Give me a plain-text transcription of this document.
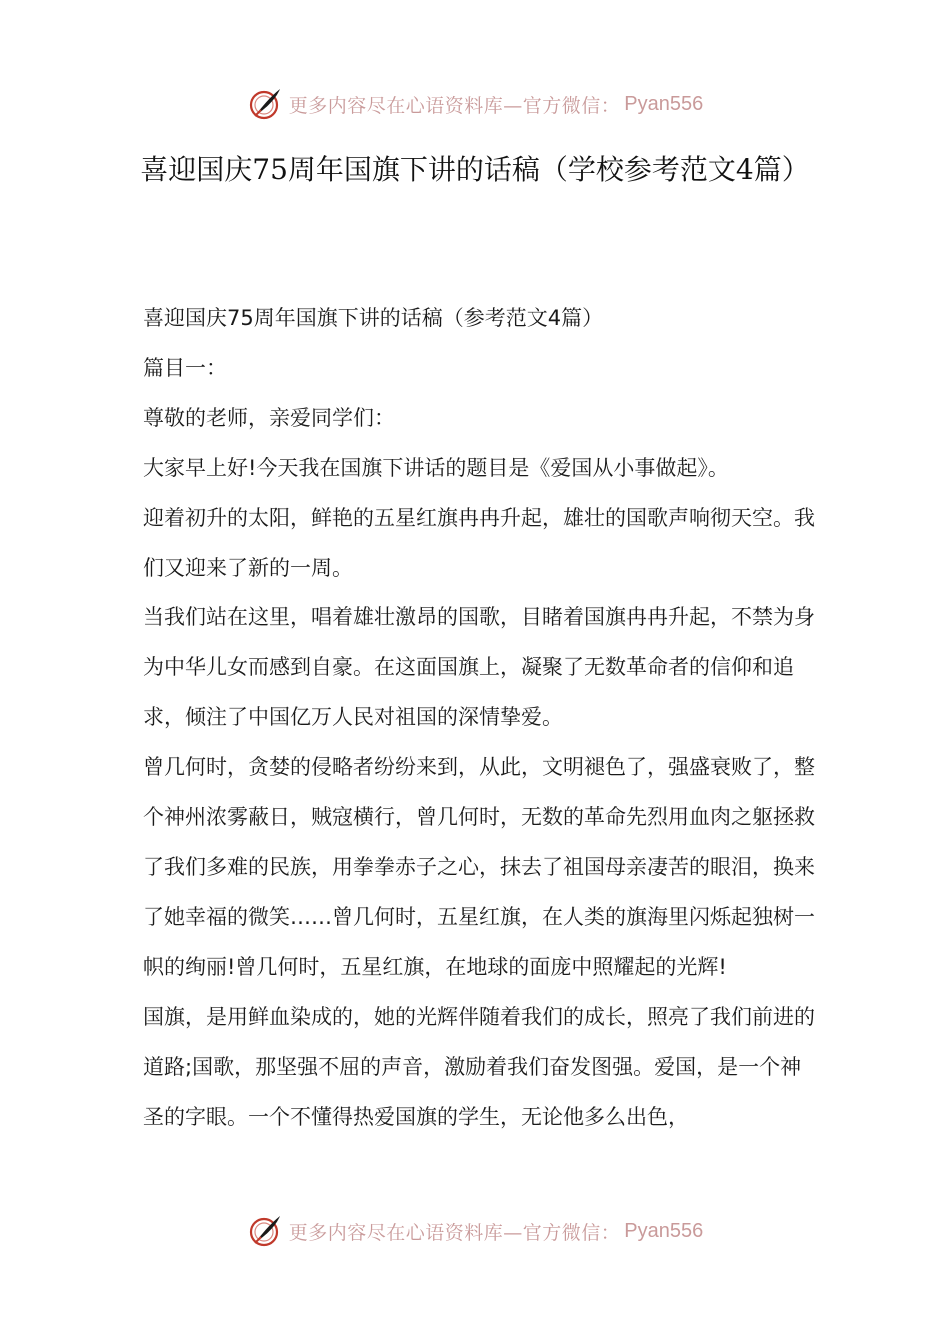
更多内容尽在心语资料库—官方微信： Pyan556
喜迎国庆75周年国旗下讲的话稿（学校参考范文4篇）

喜迎国庆75周年国旗下讲的话稿（参考范文4篇）

篇目一：

尊敬的老师，亲爱同学们：

大家早上好!今天我在国旗下讲话的题目是《爱国从小事做起》。

迎着初升的太阳，鲜艳的五星红旗冉冉升起，雄壮的国歌声响彻天空。我们又迎来了新的一周。

当我们站在这里，唱着雄壮激昂的国歌，目睹着国旗冉冉升起，不禁为身为中华儿女而感到自豪。在这面国旗上，凝聚了无数革命者的信仰和追求，倾注了中国亿万人民对祖国的深情挚爱。

曾几何时，贪婪的侵略者纷纷来到，从此，文明褪色了，强盛衰败了，整个神州浓雾蔽日，贼寇横行，曾几何时，无数的革命先烈用血肉之躯拯救了我们多难的民族，用拳拳赤子之心，抹去了祖国母亲凄苦的眼泪，换来了她幸福的微笑……曾几何时，五星红旗，在人类的旗海里闪烁起独树一帜的绚丽!曾几何时，五星红旗，在地球的面庞中照耀起的光辉!

国旗，是用鲜血染成的，她的光辉伴随着我们的成长，照亮了我们前进的道路;国歌，那坚强不屈的声音，激励着我们奋发图强。爱国，是一个神圣的字眼。一个不懂得热爱国旗的学生，无论他多么出色，

更多内容尽在心语资料库—官方微信： Pyan556
